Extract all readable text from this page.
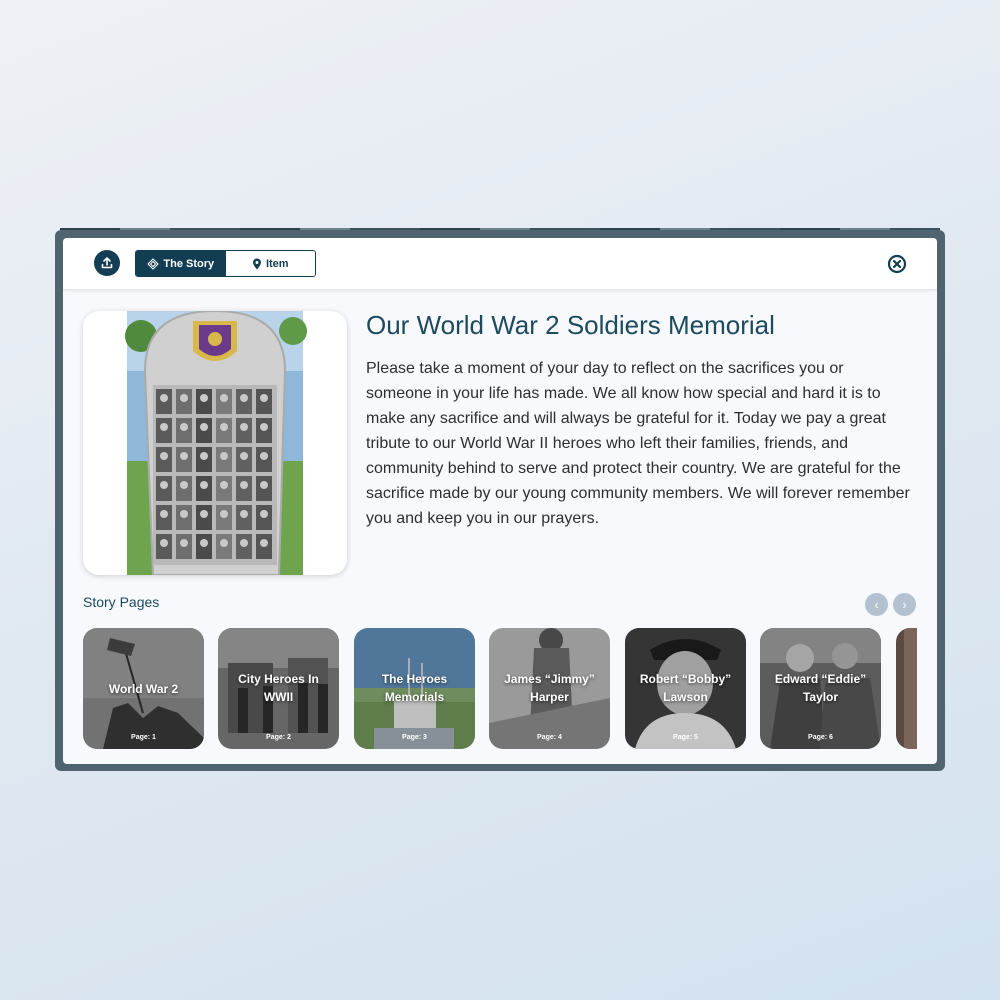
The Story	Item
Our World War 2 Soldiers Memorial
Please take a moment of your day to reflect on the sacrifices you or someone in your life has made. We all know how special and hard it is to make any sacrifice and will always be grateful for it. Today we pay a great tribute to our World War II heroes who left their families, friends, and community behind to serve and protect their country. We are grateful for the sacrifice made by our young community members. We will forever remember you and keep you in our prayers.
Story Pages	‹ ›
World War 2
Page: 1
City Heroes In WWII
Page: 2
The Heroes Memorials
Page: 3
James “Jimmy” Harper
Page: 4
Robert “Bobby” Lawson
Page: 5
Edward “Eddie” Taylor
Page: 6
